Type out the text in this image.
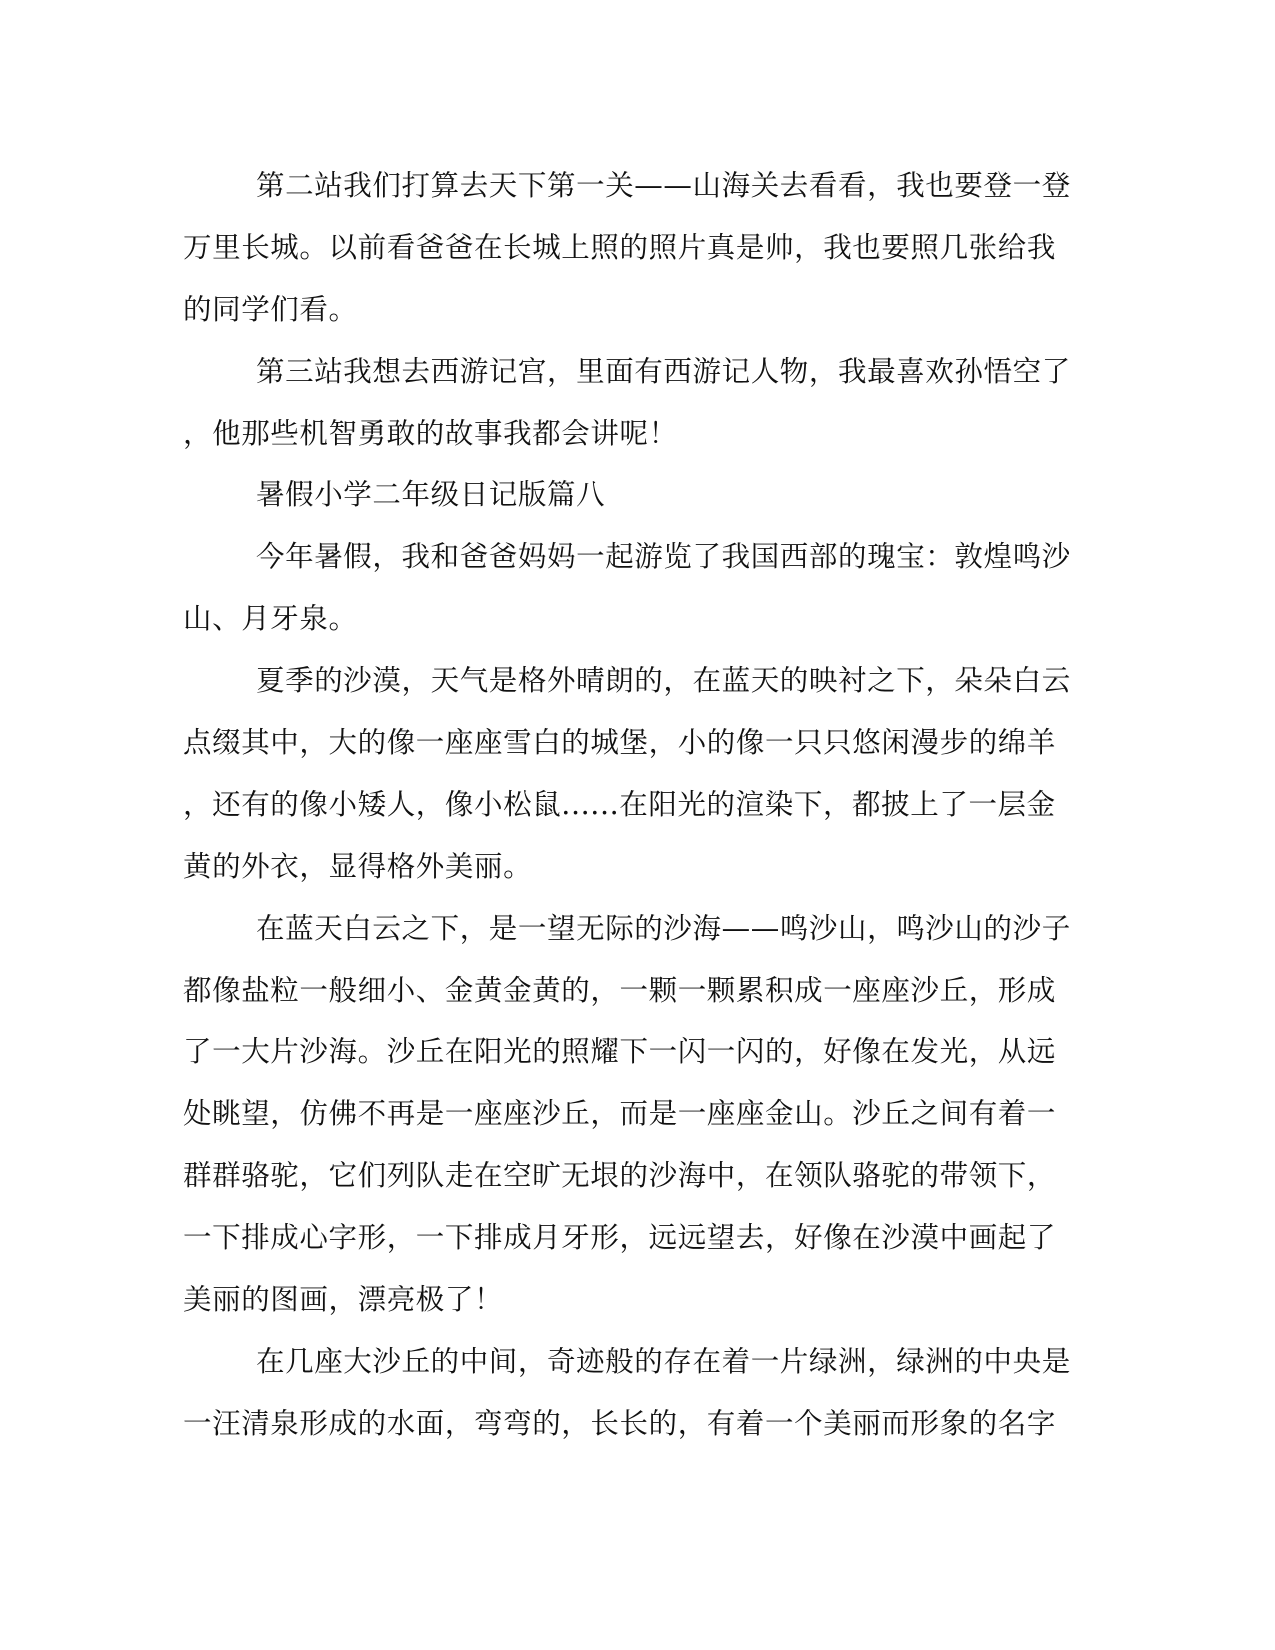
第二站我们打算去天下第一关——山海关去看看，我也要登一登
万里长城。以前看爸爸在长城上照的照片真是帅，我也要照几张给我
的同学们看。
第三站我想去西游记宫，里面有西游记人物，我最喜欢孙悟空了
，他那些机智勇敢的故事我都会讲呢！
暑假小学二年级日记版篇八
今年暑假，我和爸爸妈妈一起游览了我国西部的瑰宝：敦煌鸣沙
山、月牙泉。
夏季的沙漠，天气是格外晴朗的，在蓝天的映衬之下，朵朵白云
点缀其中，大的像一座座雪白的城堡，小的像一只只悠闲漫步的绵羊
，还有的像小矮人，像小松鼠......在阳光的渲染下，都披上了一层金
黄的外衣，显得格外美丽。
在蓝天白云之下，是一望无际的沙海——鸣沙山，鸣沙山的沙子
都像盐粒一般细小、金黄金黄的，一颗一颗累积成一座座沙丘，形成
了一大片沙海。沙丘在阳光的照耀下一闪一闪的，好像在发光，从远
处眺望，仿佛不再是一座座沙丘，而是一座座金山。沙丘之间有着一
群群骆驼，它们列队走在空旷无垠的沙海中，在领队骆驼的带领下，
一下排成心字形，一下排成月牙形，远远望去，好像在沙漠中画起了
美丽的图画，漂亮极了！
在几座大沙丘的中间，奇迹般的存在着一片绿洲，绿洲的中央是
一汪清泉形成的水面，弯弯的，长长的，有着一个美丽而形象的名字
